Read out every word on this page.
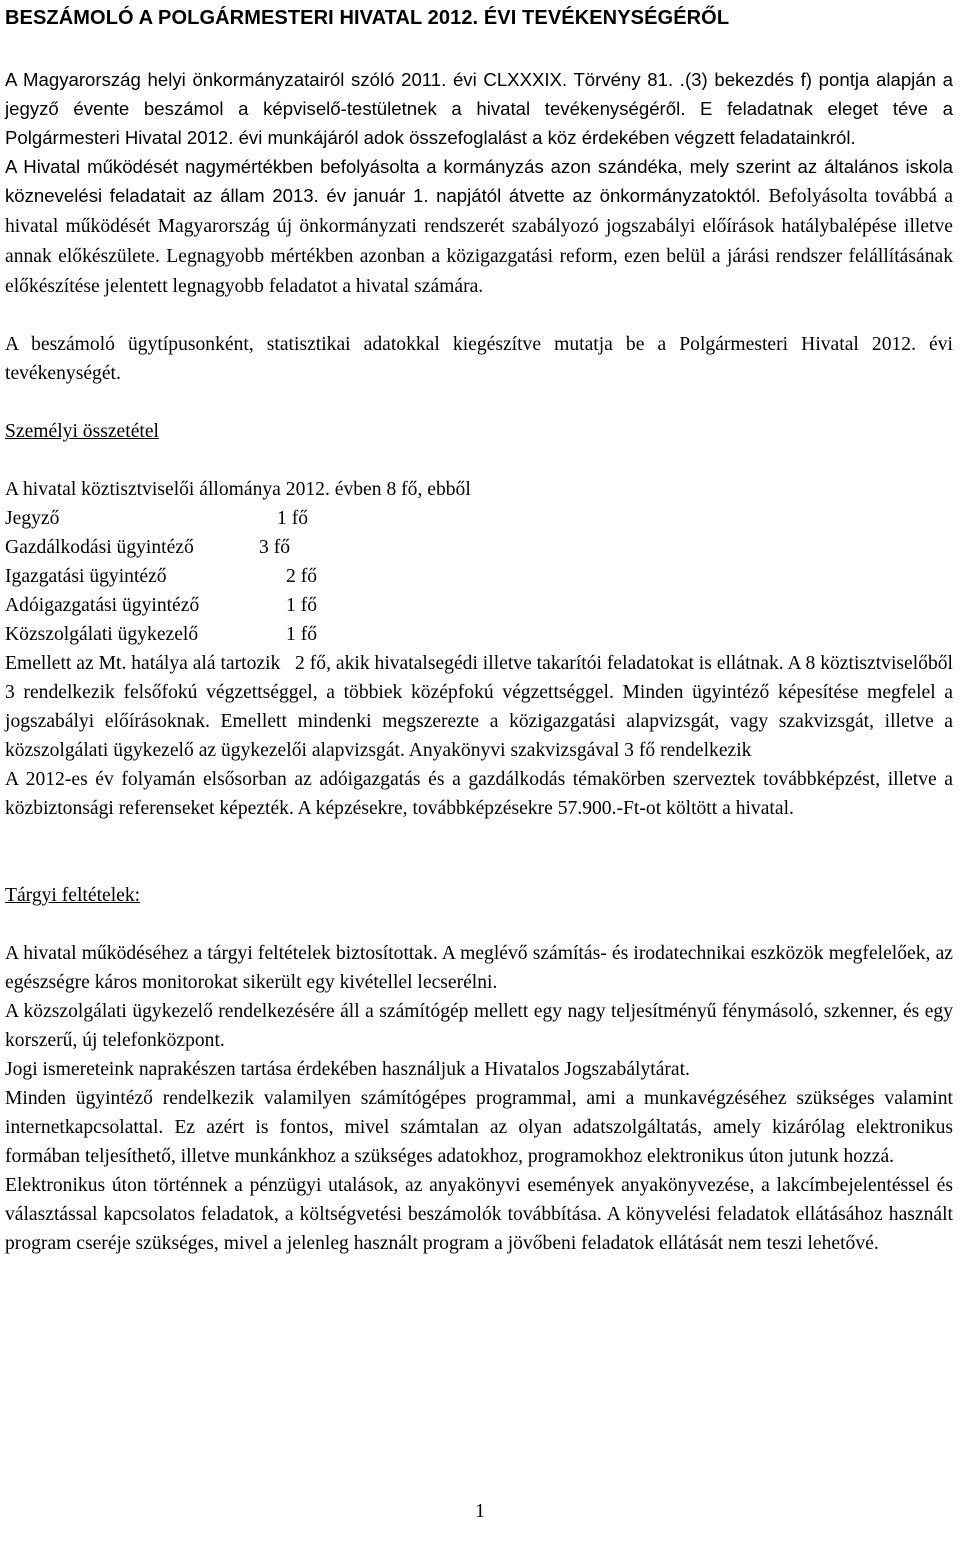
BESZÁMOLÓ A POLGÁRMESTERI HIVATAL 2012. ÉVI TEVÉKENYSÉGÉRŐL

A Magyarország helyi önkormányzatairól szóló 2011. évi CLXXXIX. Törvény 81. .(3) bekezdés f) pontja alapján a jegyző évente beszámol a képviselő-testületnek a hivatal tevékenységéről. E feladatnak eleget téve a Polgármesteri Hivatal 2012. évi munkájáról adok összefoglalást a köz érdekében végzett feladatainkról.

A Hivatal működését nagymértékben befolyásolta a kormányzás azon szándéka, mely szerint az általános iskola köznevelési feladatait az állam 2013. év január 1. napjától átvette az önkormányzatoktól. Befolyásolta továbbá a hivatal működését Magyarország új önkormányzati rendszerét szabályozó jogszabályi előírások hatálybalépése illetve annak előkészülete. Legnagyobb mértékben azonban a közigazgatási reform, ezen belül a járási rendszer felállításának előkészítése jelentett legnagyobb feladatot a hivatal számára.

A beszámoló ügytípusonként, statisztikai adatokkal kiegészítve mutatja be a Polgármesteri Hivatal 2012. évi tevékenységét.

Személyi összetétel

A hivatal köztisztviselői állománya 2012. évben 8 fő, ebből

Jegyző	1 fő
Gazdálkodási ügyintéző	3 fő
Igazgatási ügyintéző	2 fő
Adóigazgatási ügyintéző	1 fő
Közszolgálati ügykezelő	1 fő

Emellett az Mt. hatálya alá tartozik   2 fő, akik hivatalsegédi illetve takarítói feladatokat is ellátnak. A 8 köztisztviselőből 3 rendelkezik felsőfokú végzettséggel, a többiek középfokú végzettséggel. Minden ügyintéző képesítése megfelel a jogszabályi előírásoknak. Emellett mindenki megszerezte a közigazgatási alapvizsgát, vagy szakvizsgát, illetve a közszolgálati ügykezelő az ügykezelői alapvizsgát. Anyakönyvi szakvizsgával 3 fő rendelkezik

A 2012-es év folyamán elsősorban az adóigazgatás és a gazdálkodás témakörben szerveztek továbbképzést, illetve a közbiztonsági referenseket képezték. A képzésekre, továbbképzésekre 57.900.-Ft-ot költött a hivatal.

Tárgyi feltételek:

A hivatal működéséhez a tárgyi feltételek biztosítottak. A meglévő számítás- és irodatechnikai eszközök megfelelőek, az egészségre káros monitorokat sikerült egy kivétellel lecserélni.

A közszolgálati ügykezelő rendelkezésére áll a számítógép mellett egy nagy teljesítményű fénymásoló, szkenner, és egy korszerű, új telefonközpont.

Jogi ismereteink naprakészen tartása érdekében használjuk a Hivatalos Jogszabálytárat.

Minden ügyintéző rendelkezik valamilyen számítógépes programmal, ami a munkavégzéséhez szükséges valamint internetkapcsolattal. Ez azért is fontos, mivel számtalan az olyan adatszolgáltatás, amely kizárólag elektronikus formában teljesíthető, illetve munkánkhoz a szükséges adatokhoz, programokhoz elektronikus úton jutunk hozzá.

Elektronikus úton történnek a pénzügyi utalások, az anyakönyvi események anyakönyvezése, a lakcímbejelentéssel és választással kapcsolatos feladatok, a költségvetési beszámolók továbbítása. A könyvelési feladatok ellátásához használt program cseréje szükséges, mivel a jelenleg használt program a jövőbeni feladatok ellátását nem teszi lehetővé.

1
